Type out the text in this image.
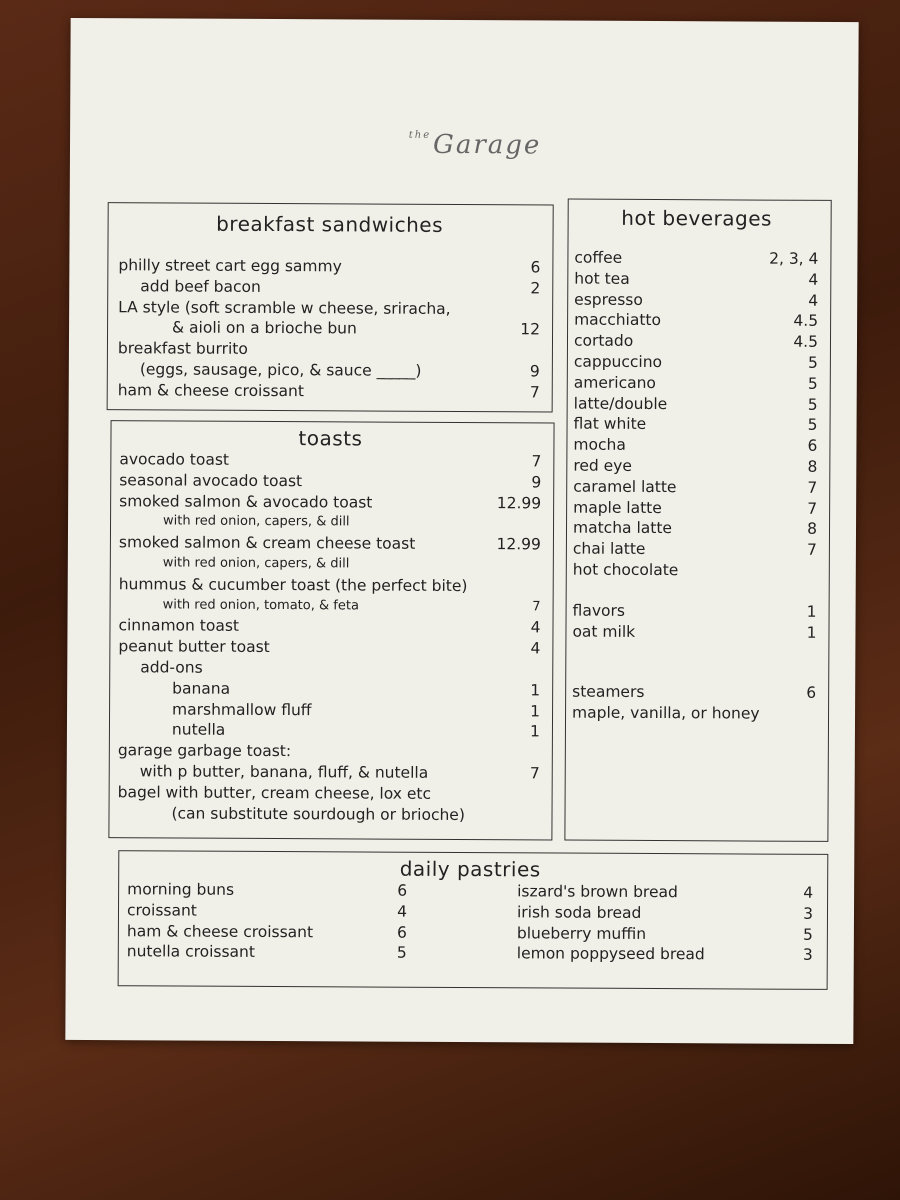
$^{the}$Garage
breakfast sandwiches
philly street cart egg sammy	6
add beef bacon	2
LA style (soft scramble w cheese, sriracha,
& aioli on a brioche bun	12
breakfast burrito
(eggs, sausage, pico, & sauce _____)	9
ham & cheese croissant	7
toasts
avocado toast	7
seasonal avocado toast	9
smoked salmon & avocado toast	12.99
with red onion, capers, & dill
smoked salmon & cream cheese toast	12.99
with red onion, capers, & dill
hummus & cucumber toast (the perfect bite)
with red onion, tomato, & feta	7
cinnamon toast	4
peanut butter toast	4
add-ons
banana	1
marshmallow fluff	1
nutella	1
garage garbage toast:
with p butter, banana, fluff, & nutella	7
bagel with butter, cream cheese, lox etc
(can substitute sourdough or brioche)
hot beverages
coffee	2, 3, 4
hot tea	4
espresso	4
macchiatto	4.5
cortado	4.5
cappuccino	5
americano	5
latte/double	5
flat white	5
mocha	6
red eye	8
caramel latte	7
maple latte	7
matcha latte	8
chai latte	7
hot chocolate
flavors	1
oat milk	1
steamers	6
maple, vanilla, or honey
daily pastries
morning buns	6
croissant	4
ham & cheese croissant	6
nutella croissant	5
iszard's brown bread	4
irish soda bread	3
blueberry muffin	5
lemon poppyseed bread	3
